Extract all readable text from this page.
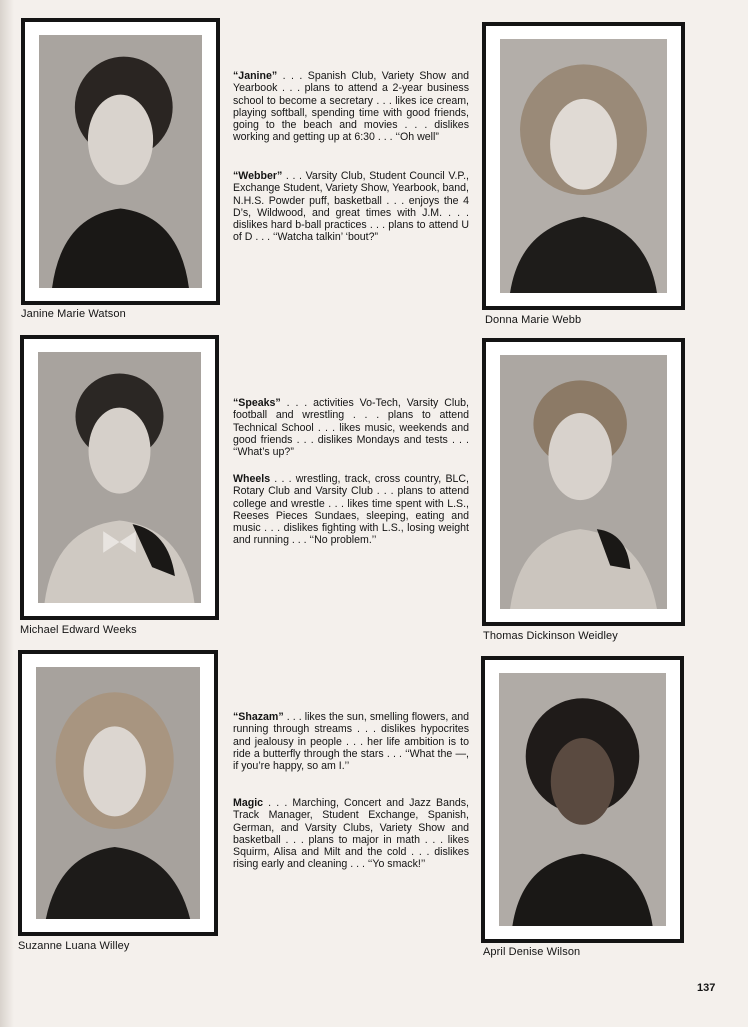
Janine Marie Watson

“Janine” . . . Spanish Club, Variety Show and Yearbook . . . plans to attend a 2-year business school to become a secretary . . . likes ice cream, playing softball, spending time with good friends, going to the beach and movies . . . dislikes working and getting up at 6:30 . . . ‘‘Oh well”

“Webber” . . . Varsity Club, Student Council V.P., Exchange Student, Variety Show, Yearbook, band, N.H.S. Powder puff, basketball . . . enjoys the 4 D’s, Wildwood, and great times with J.M. . . . dislikes hard b-ball practices . . . plans to attend U of D . . . ‘‘Watcha talkin’ ‘bout?”

Donna Marie Webb
Michael Edward Weeks

“Speaks” . . . activities Vo-Tech, Varsity Club, football and wrestling . . . plans to attend Technical School . . . likes music, weekends and good friends . . . dislikes Mondays and tests . . . ‘‘What’s up?”

Wheels . . . wrestling, track, cross country, BLC, Rotary Club and Varsity Club . . . plans to attend college and wrestle . . . likes time spent with L.S., Reeses Pieces Sundaes, sleeping, eating and music . . . dislikes fighting with L.S., losing weight and running . . . ‘‘No problem.’’

Thomas Dickinson Weidley
Suzanne Luana Willey

“Shazam” . . . likes the sun, smelling flowers, and running through streams . . . dislikes hypocrites and jealousy in people . . . her life ambition is to ride a butterfly through the stars . . . ‘‘What the —, if you’re happy, so am I.’’

Magic . . . Marching, Concert and Jazz Bands, Track Manager, Student Exchange, Spanish, German, and Varsity Clubs, Variety Show and basketball . . . plans to major in math . . . likes Squirm, Alisa and Milt and the cold . . . dislikes rising early and cleaning . . . ‘‘Yo smack!’’

April Denise Wilson
137
